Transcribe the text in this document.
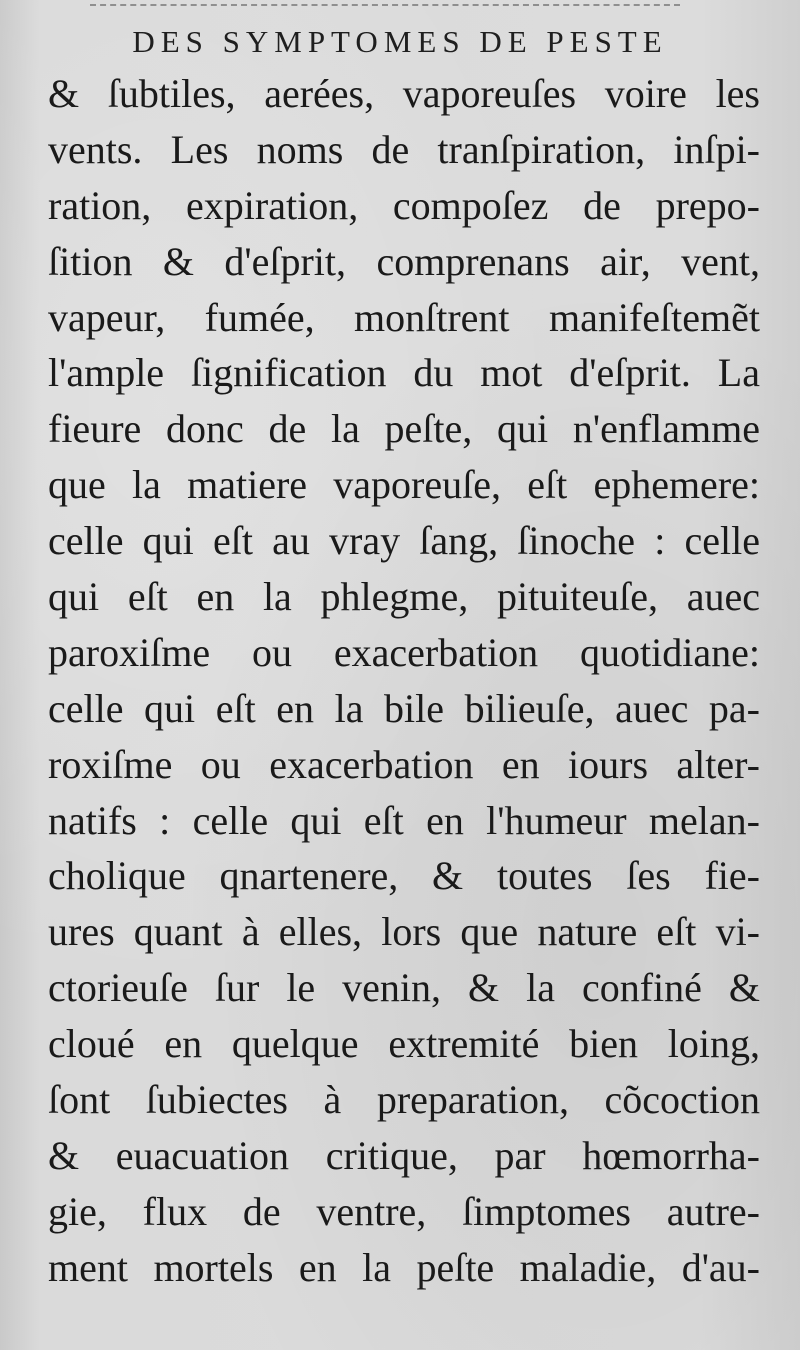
DES SYMPTOMES DE PESTE
& ſubtiles, aerées, vaporeuſes voire les
vents. Les noms de tranſpiration, inſpi-
ration, expiration, compoſez de prepo-
ſition & d'eſprit, comprenans air, vent,
vapeur, fumée, monſtrent manifeſtemẽt
l'ample ſignification du mot d'eſprit. La
fieure donc de la peſte, qui n'enflamme
que la matiere vaporeuſe, eſt ephemere:
celle qui eſt au vray ſang, ſinoche : celle
qui eſt en la phlegme, pituiteuſe, auec
paroxiſme ou exacerbation quotidiane:
celle qui eſt en la bile bilieuſe, auec pa-
roxiſme ou exacerbation en iours alter-
natifs : celle qui eſt en l'humeur melan-
cholique qnartenere, & toutes ſes fie-
ures quant à elles, lors que nature eſt vi-
ctorieuſe ſur le venin, & la confiné &
cloué en quelque extremité bien loing,
ſont ſubiectes à preparation, cõcoction
& euacuation critique, par hœmorrha-
gie, flux de ventre, ſimptomes autre-
ment mortels en la peſte maladie, d'au-
